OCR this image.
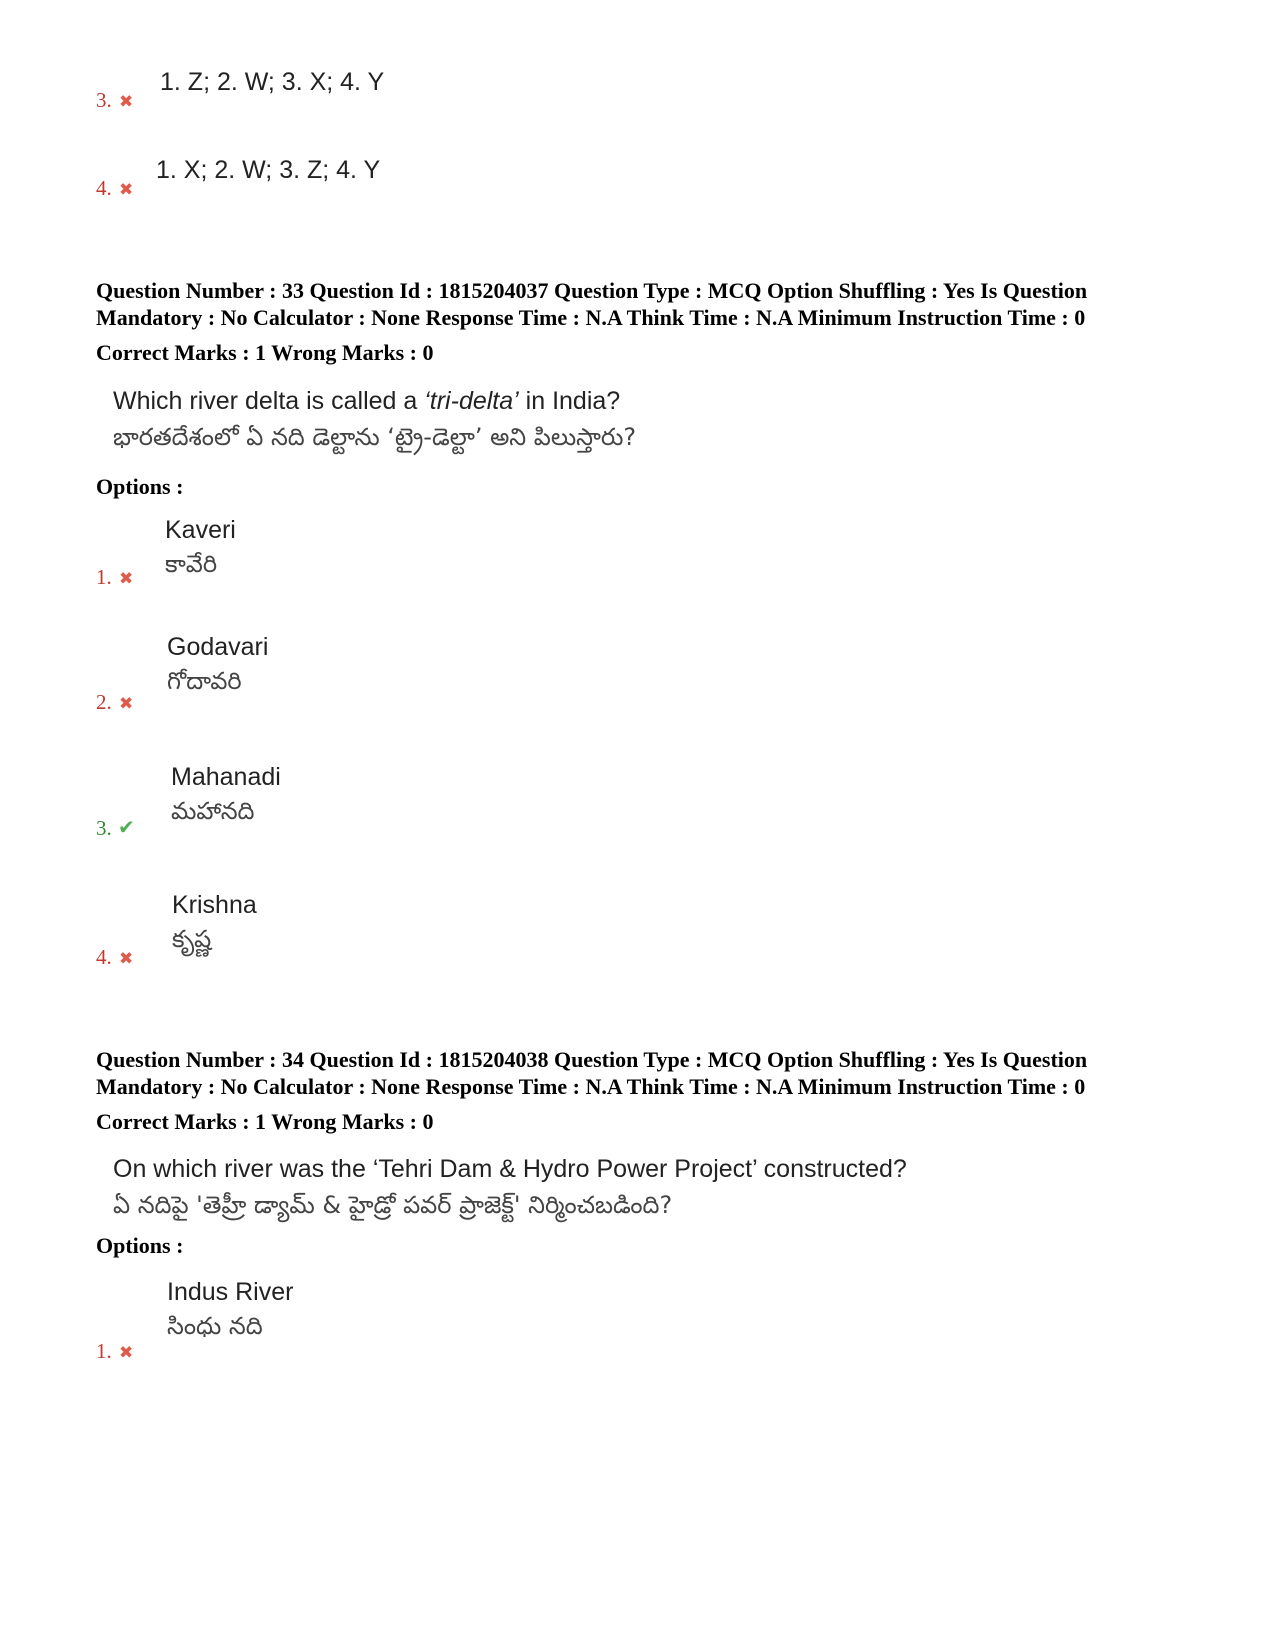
3. ✖
1. Z; 2. W; 3. X; 4. Y
4. ✖
1. X; 2. W; 3. Z; 4. Y
Question Number : 33 Question Id : 1815204037 Question Type : MCQ Option Shuffling : Yes Is Question
Mandatory : No Calculator : None Response Time : N.A Think Time : N.A Minimum Instruction Time : 0
Correct Marks : 1 Wrong Marks : 0
Which river delta is called a ‘tri-delta’ in India?
భారతదేశంలో ఏ నది డెల్టాను ‘ట్రై-డెల్టా’ అని పిలుస్తారు?
Options :
1. ✖
Kaveri
కావేరి
2. ✖
Godavari
గోదావరి
3. ✔
Mahanadi
మహానది
4. ✖
Krishna
కృష్ణ
Question Number : 34 Question Id : 1815204038 Question Type : MCQ Option Shuffling : Yes Is Question
Mandatory : No Calculator : None Response Time : N.A Think Time : N.A Minimum Instruction Time : 0
Correct Marks : 1 Wrong Marks : 0
On which river was the ‘Tehri Dam & Hydro Power Project’ constructed?
ఏ నదిపై 'తెహ్రీ డ్యామ్ & హైడ్రో పవర్ ప్రాజెక్ట్' నిర్మించబడింది?
Options :
1. ✖
Indus River
సింధు నది
